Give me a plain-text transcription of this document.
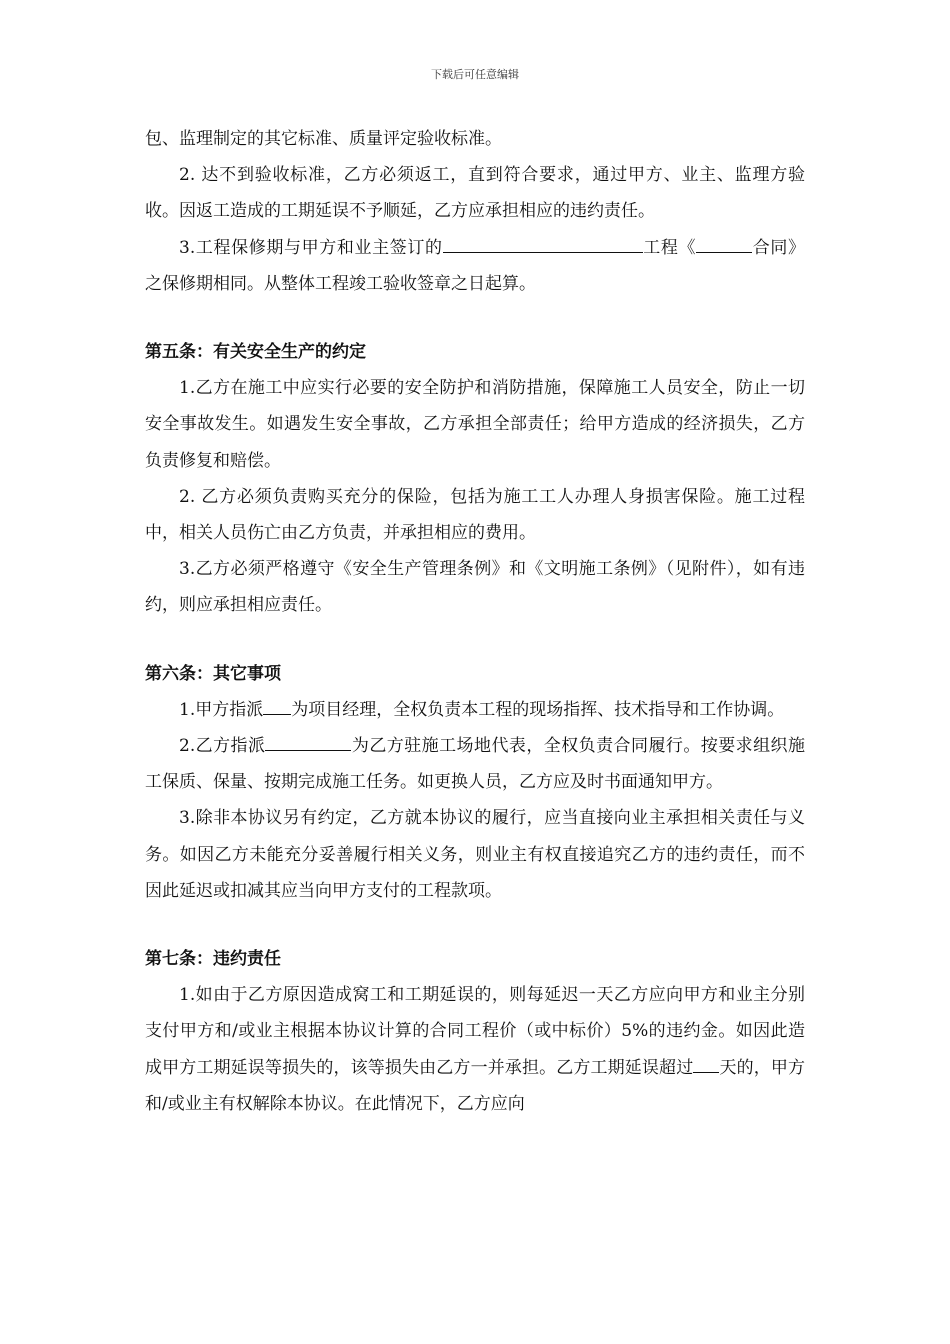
下载后可任意编辑

包、监理制定的其它标准、质量评定验收标准。

2. 达不到验收标准，乙方必须返工，直到符合要求，通过甲方、业主、监理方验收。因返工造成的工期延误不予顺延，乙方应承担相应的违约责任。

3.工程保修期与甲方和业主签订的	工程《	合同》之保修期相同。从整体工程竣工验收签章之日起算。

第五条：有关安全生产的约定

1.乙方在施工中应实行必要的安全防护和消防措施，保障施工人员安全，防止一切安全事故发生。如遇发生安全事故，乙方承担全部责任；给甲方造成的经济损失，乙方负责修复和赔偿。

2. 乙方必须负责购买充分的保险，包括为施工工人办理人身损害保险。施工过程中，相关人员伤亡由乙方负责，并承担相应的费用。

3.乙方必须严格遵守《安全生产管理条例》和《文明施工条例》（见附件），如有违约，则应承担相应责任。

第六条：其它事项

1.甲方指派 为项目经理，全权负责本工程的现场指挥、技术指导和工作协调。

2.乙方指派	为乙方驻施工场地代表，全权负责合同履行。按要求组织施工保质、保量、按期完成施工任务。如更换人员，乙方应及时书面通知甲方。

3.除非本协议另有约定，乙方就本协议的履行，应当直接向业主承担相关责任与义务。如因乙方未能充分妥善履行相关义务，则业主有权直接追究乙方的违约责任，而不因此延迟或扣减其应当向甲方支付的工程款项。

第七条：违约责任

1.如由于乙方原因造成窝工和工期延误的，则每延迟一天乙方应向甲方和业主分别支付甲方和/或业主根据本协议计算的合同工程价（或中标价）5%的违约金。如因此造成甲方工期延误等损失的，该等损失由乙方一并承担。乙方工期延误超过 天的，甲方和/或业主有权解除本协议。在此情况下，乙方应向
